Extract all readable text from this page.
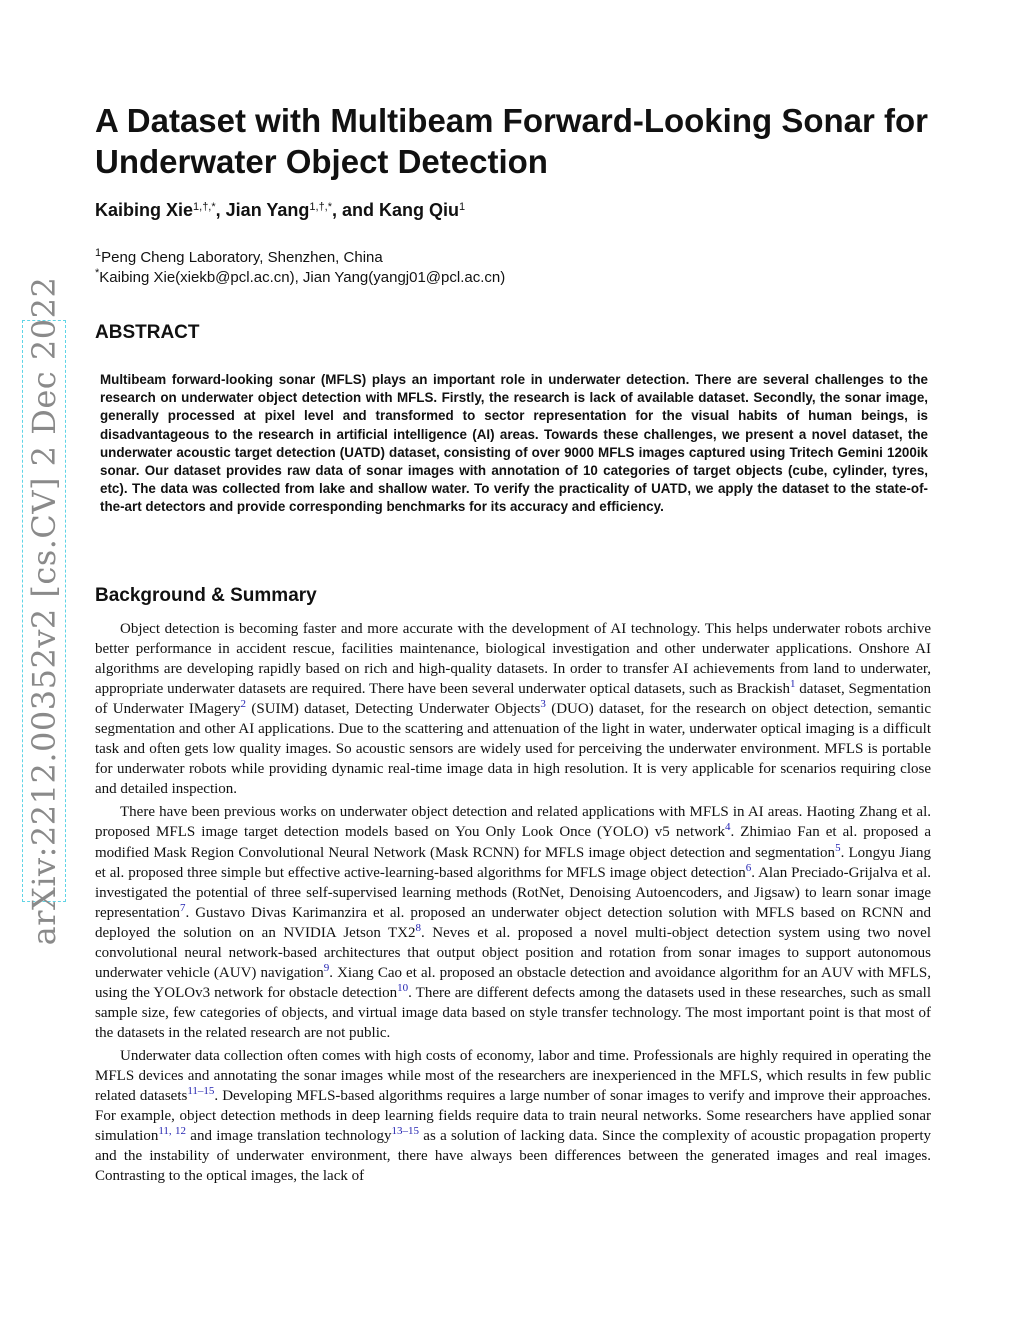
arXiv:2212.00352v2 [cs.CV] 2 Dec 2022
A Dataset with Multibeam Forward-Looking Sonar for Underwater Object Detection
Kaibing Xie$^{1,\dagger,*}$, Jian Yang$^{1,\dagger,*}$, and Kang Qiu$^1$
$^1$Peng Cheng Laboratory, Shenzhen, China
*Kaibing Xie(xiekb@pcl.ac.cn), Jian Yang(yangj01@pcl.ac.cn)
ABSTRACT

Multibeam forward-looking sonar (MFLS) plays an important role in underwater detection. There are several challenges to the research on underwater object detection with MFLS. Firstly, the research is lack of available dataset. Secondly, the sonar image, generally processed at pixel level and transformed to sector representation for the visual habits of human beings, is disadvantageous to the research in artificial intelligence (AI) areas. Towards these challenges, we present a novel dataset, the underwater acoustic target detection (UATD) dataset, consisting of over 9000 MFLS images captured using Tritech Gemini 1200ik sonar. Our dataset provides raw data of sonar images with annotation of 10 categories of target objects (cube, cylinder, tyres, etc). The data was collected from lake and shallow water. To verify the practicality of UATD, we apply the dataset to the state-of-the-art detectors and provide corresponding benchmarks for its accuracy and efficiency.

Background & Summary

Object detection is becoming faster and more accurate with the development of AI technology. This helps underwater robots archive better performance in accident rescue, facilities maintenance, biological investigation and other underwater applications. Onshore AI algorithms are developing rapidly based on rich and high-quality datasets. In order to transfer AI achievements from land to underwater, appropriate underwater datasets are required. There have been several underwater optical datasets, such as Brackish$^1$ dataset, Segmentation of Underwater IMagery$^2$ (SUIM) dataset, Detecting Underwater Objects$^3$ (DUO) dataset, for the research on object detection, semantic segmentation and other AI applications. Due to the scattering and attenuation of the light in water, underwater optical imaging is a difficult task and often gets low quality images. So acoustic sensors are widely used for perceiving the underwater environment. MFLS is portable for underwater robots while providing dynamic real-time image data in high resolution. It is very applicable for scenarios requiring close and detailed inspection.

There have been previous works on underwater object detection and related applications with MFLS in AI areas. Haoting Zhang et al. proposed MFLS image target detection models based on You Only Look Once (YOLO) v5 network$^4$. Zhimiao Fan et al. proposed a modified Mask Region Convolutional Neural Network (Mask RCNN) for MFLS image object detection and segmentation$^5$. Longyu Jiang et al. proposed three simple but effective active-learning-based algorithms for MFLS image object detection$^6$. Alan Preciado-Grijalva et al. investigated the potential of three self-supervised learning methods (RotNet, Denoising Autoencoders, and Jigsaw) to learn sonar image representation$^7$. Gustavo Divas Karimanzira et al. proposed an underwater object detection solution with MFLS based on RCNN and deployed the solution on an NVIDIA Jetson TX2$^8$. Neves et al. proposed a novel multi-object detection system using two novel convolutional neural network-based architectures that output object position and rotation from sonar images to support autonomous underwater vehicle (AUV) navigation$^9$. Xiang Cao et al. proposed an obstacle detection and avoidance algorithm for an AUV with MFLS, using the YOLOv3 network for obstacle detection$^{10}$. There are different defects among the datasets used in these researches, such as small sample size, few categories of objects, and virtual image data based on style transfer technology. The most important point is that most of the datasets in the related research are not public.

Underwater data collection often comes with high costs of economy, labor and time. Professionals are highly required in operating the MFLS devices and annotating the sonar images while most of the researchers are inexperienced in the MFLS, which results in few public related datasets$^{11-15}$. Developing MFLS-based algorithms requires a large number of sonar images to verify and improve their approaches. For example, object detection methods in deep learning fields require data to train neural networks. Some researchers have applied sonar simulation$^{11, 12}$ and image translation technology$^{13-15}$ as a solution of lacking data. Since the complexity of acoustic propagation property and the instability of underwater environment, there have always been differences between the generated images and real images. Contrasting to the optical images, the lack of
